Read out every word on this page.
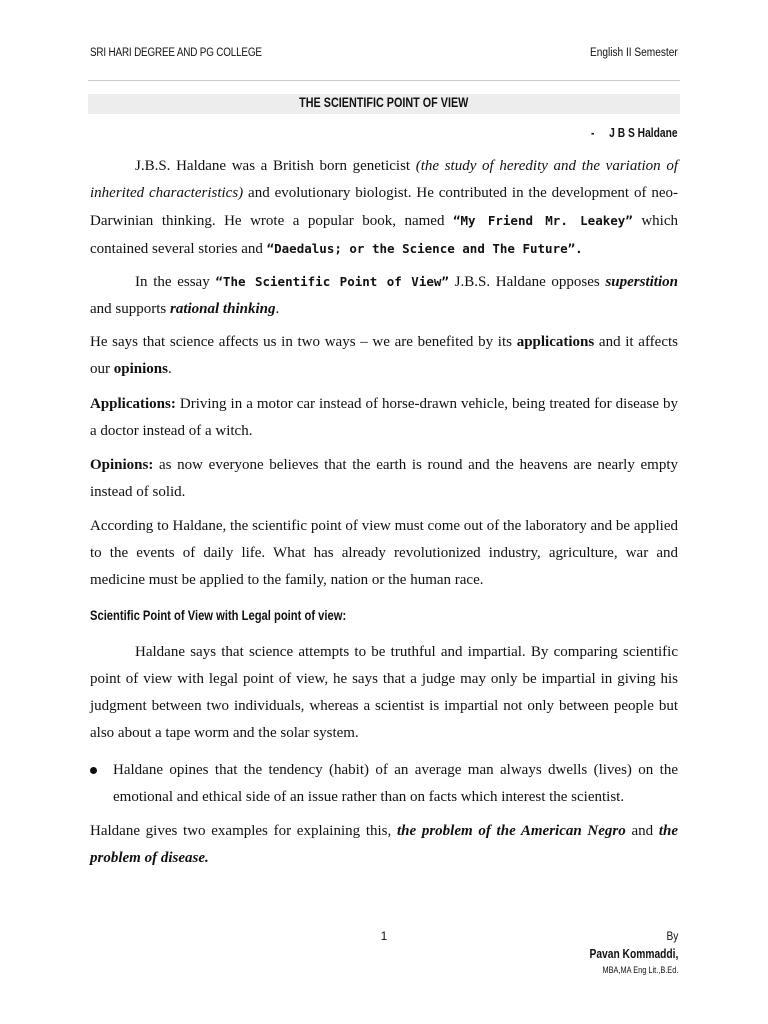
SRI HARI DEGREE AND PG COLLEGE	English II Semester
THE SCIENTIFIC POINT OF VIEW
- J B S Haldane

J.B.S. Haldane was a British born geneticist (the study of heredity and the variation of inherited characteristics) and evolutionary biologist. He contributed in the development of neo-Darwinian thinking. He wrote a popular book, named “My Friend Mr. Leakey” which contained several stories and “Daedalus; or the Science and The Future”.

In the essay “The Scientific Point of View” J.B.S. Haldane opposes superstition and supports rational thinking.

He says that science affects us in two ways – we are benefited by its applications and it affects our opinions.

Applications: Driving in a motor car instead of horse-drawn vehicle, being treated for disease by a doctor instead of a witch.

Opinions: as now everyone believes that the earth is round and the heavens are nearly empty instead of solid.

According to Haldane, the scientific point of view must come out of the laboratory and be applied to the events of daily life. What has already revolutionized industry, agriculture, war and medicine must be applied to the family, nation or the human race.

Scientific Point of View with Legal point of view:

Haldane says that science attempts to be truthful and impartial. By comparing scientific point of view with legal point of view, he says that a judge may only be impartial in giving his judgment between two individuals, whereas a scientist is impartial not only between people but also about a tape worm and the solar system.

Haldane opines that the tendency (habit) of an average man always dwells (lives) on the emotional and ethical side of an issue rather than on facts which interest the scientist.

Haldane gives two examples for explaining this, the problem of the American Negro and the problem of disease.

1	By
Pavan Kommaddi,
MBA,MA Eng Lit.,B.Ed.
